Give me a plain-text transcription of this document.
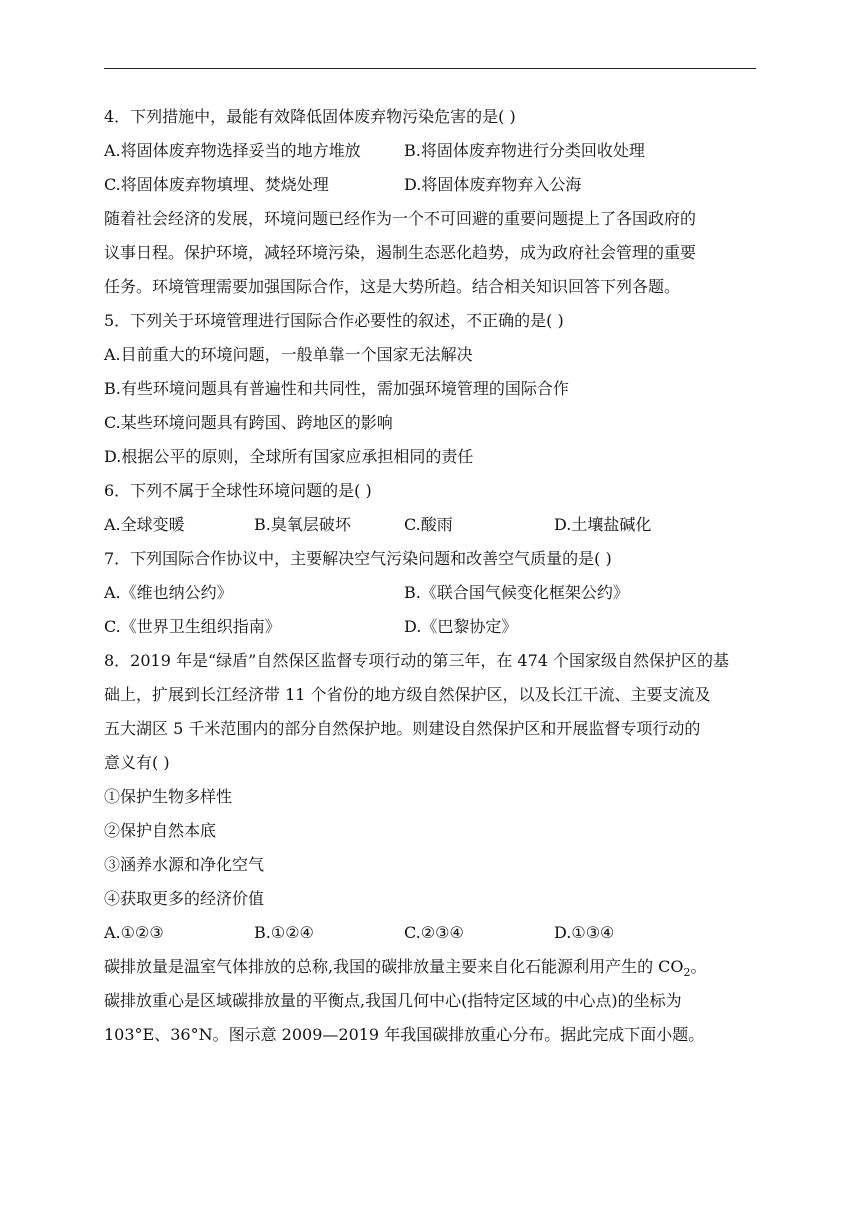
4．下列措施中，最能有效降低固体废弃物污染危害的是( )
A.将固体废弃物选择妥当的地方堆放	B.将固体废弃物进行分类回收处理
C.将固体废弃物填埋、焚烧处理	D.将固体废弃物弃入公海
随着社会经济的发展，环境问题已经作为一个不可回避的重要问题提上了各国政府的
议事日程。保护环境，减轻环境污染，遏制生态恶化趋势，成为政府社会管理的重要
任务。环境管理需要加强国际合作，这是大势所趋。结合相关知识回答下列各题。
5．下列关于环境管理进行国际合作必要性的叙述，不正确的是( )
A.目前重大的环境问题，一般单靠一个国家无法解决
B.有些环境问题具有普遍性和共同性，需加强环境管理的国际合作
C.某些环境问题具有跨国、跨地区的影响
D.根据公平的原则，全球所有国家应承担相同的责任
6．下列不属于全球性环境问题的是( )
A.全球变暖	B.臭氧层破坏	C.酸雨	D.土壤盐碱化
7．下列国际合作协议中，主要解决空气污染问题和改善空气质量的是( )
A.《维也纳公约》	B.《联合国气候变化框架公约》
C.《世界卫生组织指南》	D.《巴黎协定》
8．2019 年是“绿盾”自然保区监督专项行动的第三年，在 474 个国家级自然保护区的基
础上，扩展到长江经济带 11 个省份的地方级自然保护区，以及长江干流、主要支流及
五大湖区 5 千米范围内的部分自然保护地。则建设自然保护区和开展监督专项行动的
意义有( )
①保护生物多样性
②保护自然本底
③涵养水源和净化空气
④获取更多的经济价值
A.①②③	B.①②④	C.②③④	D.①③④
碳排放量是温室气体排放的总称,我国的碳排放量主要来自化石能源利用产生的 $CO_2$。
碳排放重心是区域碳排放量的平衡点,我国几何中心(指特定区域的中心点)的坐标为
103°E、36°N。图示意 2009—2019 年我国碳排放重心分布。据此完成下面小题。
